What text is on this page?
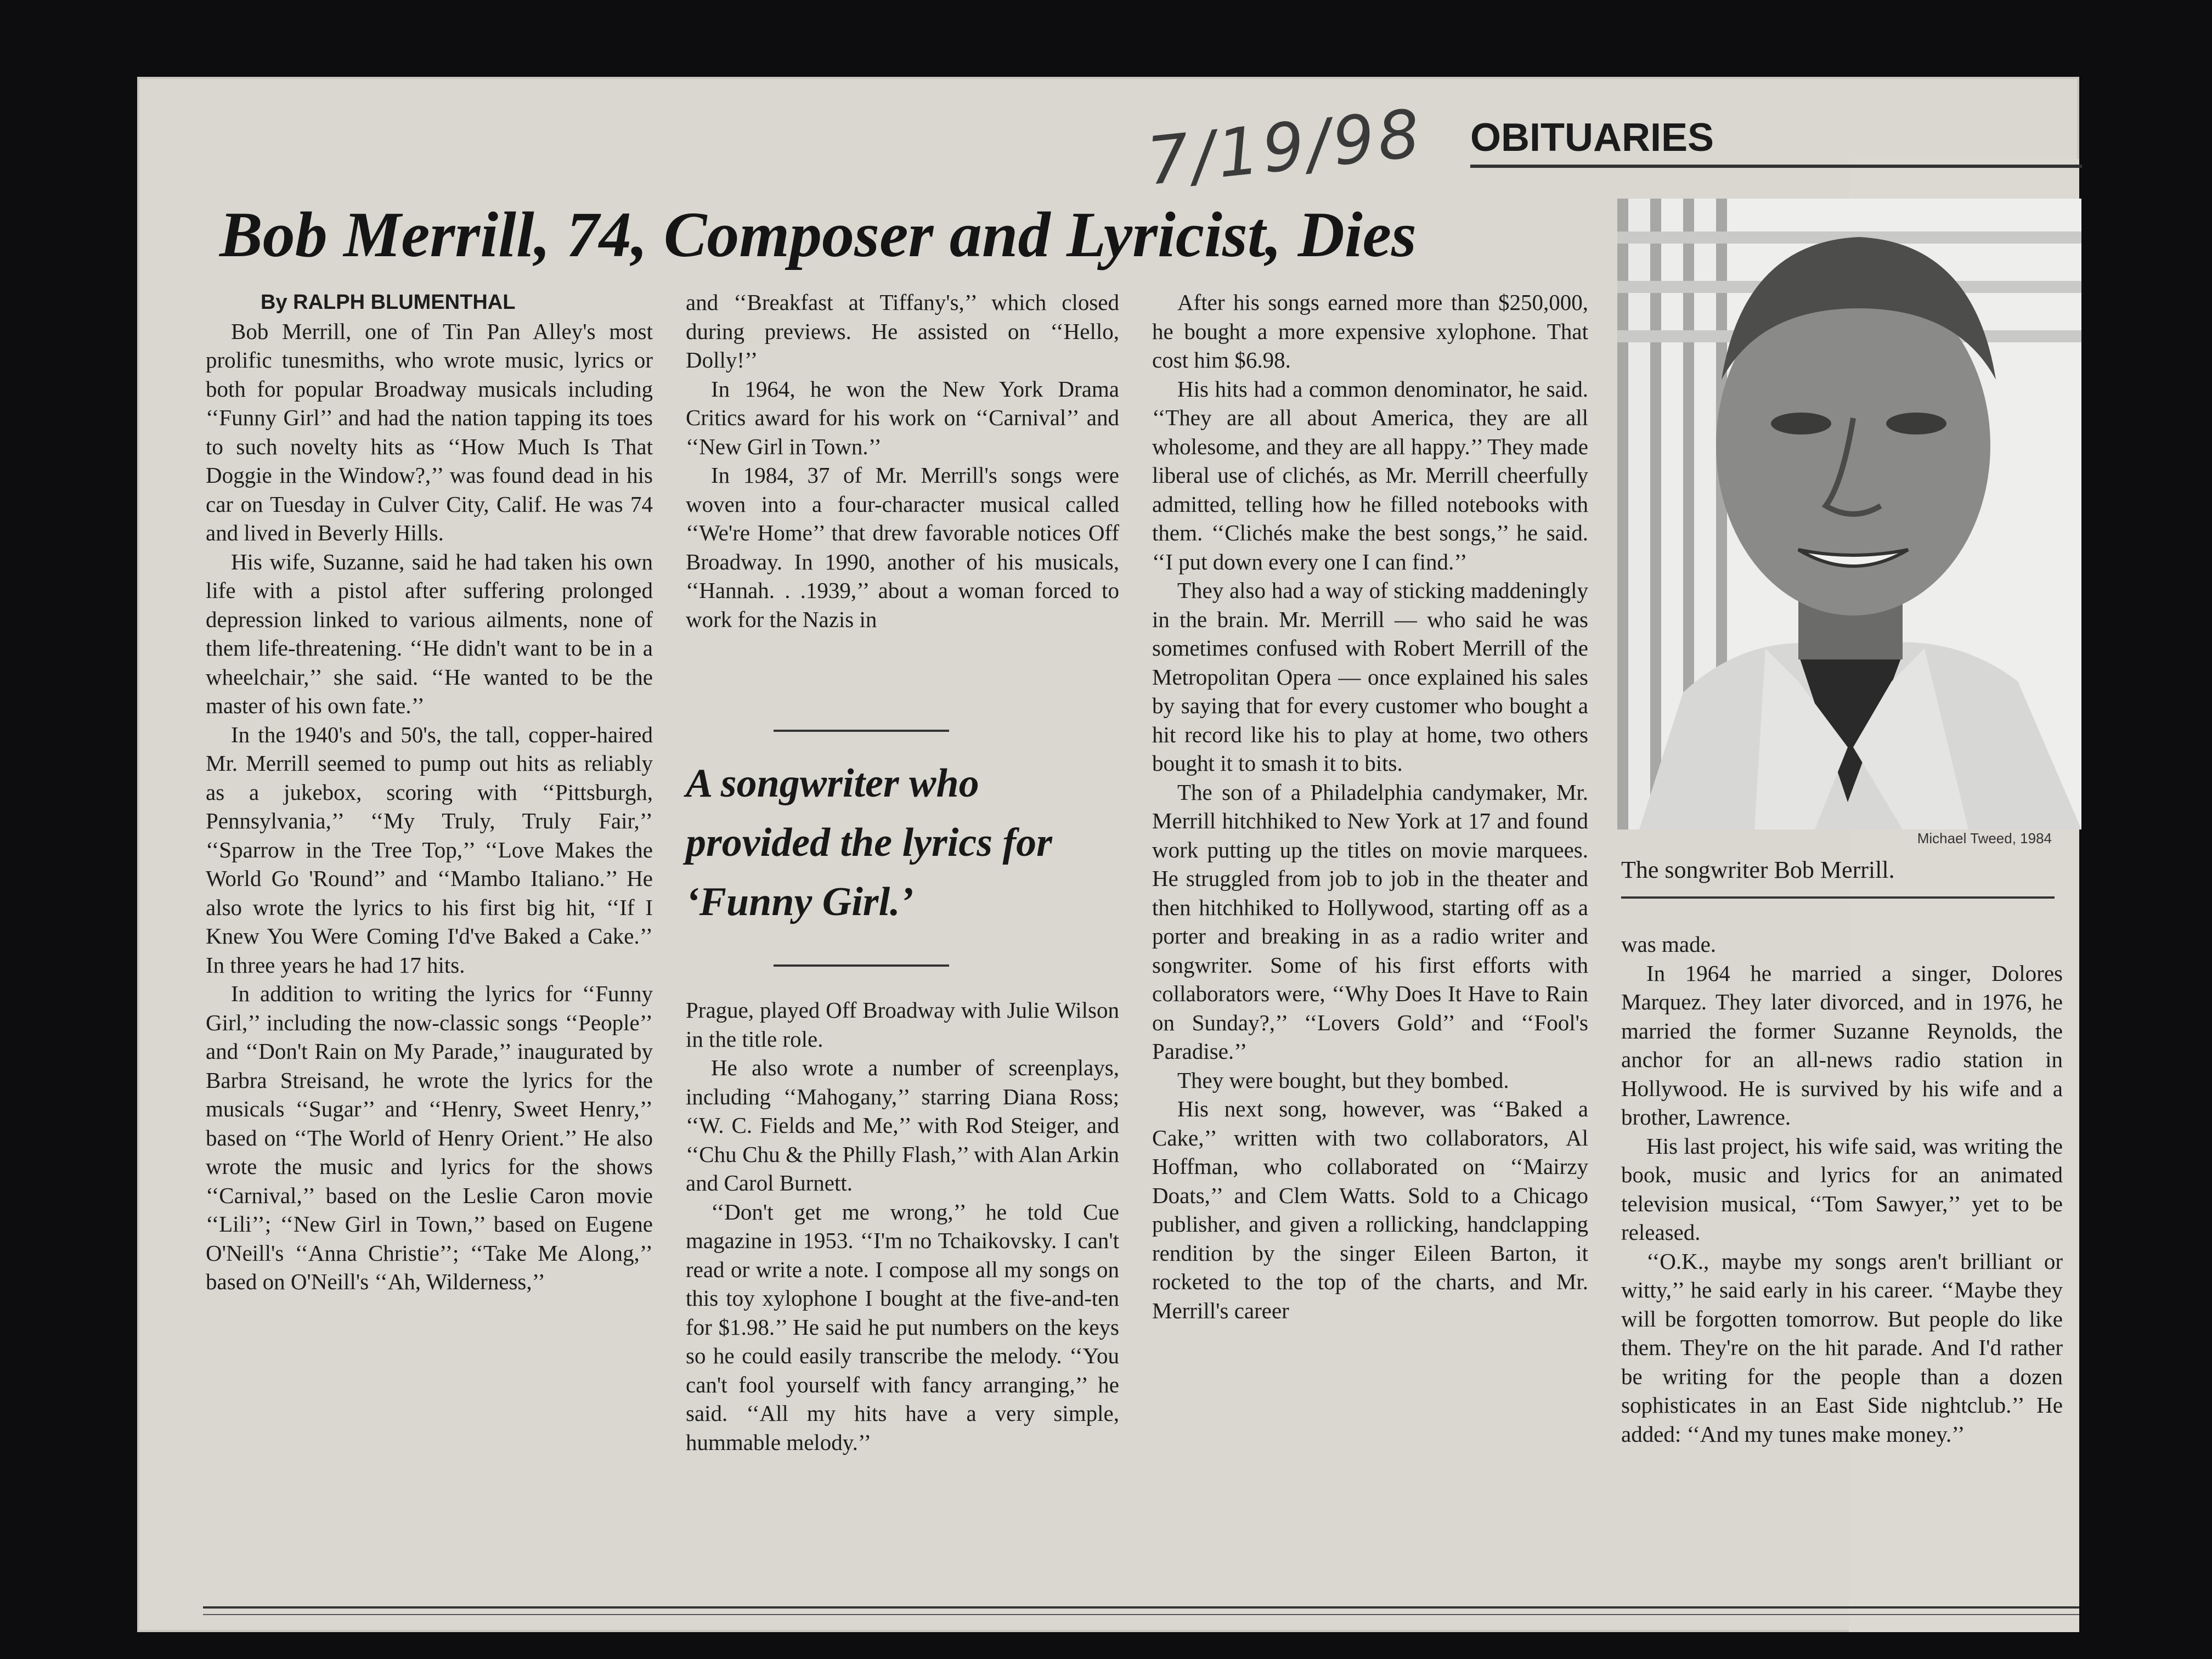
7/19/98 OBITUARIES
Bob Merrill, 74, Composer and Lyricist, Dies

By RALPH BLUMENTHAL

Bob Merrill, one of Tin Pan Alley's most prolific tunesmiths, who wrote music, lyrics or both for popular Broadway musicals including ‘‘Funny Girl’’ and had the nation tapping its toes to such novelty hits as ‘‘How Much Is That Doggie in the Window?,’’ was found dead in his car on Tuesday in Culver City, Calif. He was 74 and lived in Beverly Hills.

His wife, Suzanne, said he had taken his own life with a pistol after suffering prolonged depression linked to various ailments, none of them life-threatening. ‘‘He didn't want to be in a wheelchair,’’ she said. ‘‘He wanted to be the master of his own fate.’’

In the 1940's and 50's, the tall, copper-haired Mr. Merrill seemed to pump out hits as reliably as a jukebox, scoring with ‘‘Pittsburgh, Pennsylvania,’’ ‘‘My Truly, Truly Fair,’’ ‘‘Sparrow in the Tree Top,’’ ‘‘Love Makes the World Go 'Round’’ and ‘‘Mambo Italiano.’’ He also wrote the lyrics to his first big hit, ‘‘If I Knew You Were Coming I'd've Baked a Cake.’’ In three years he had 17 hits.

In addition to writing the lyrics for ‘‘Funny Girl,’’ including the now-classic songs ‘‘People’’ and ‘‘Don't Rain on My Parade,’’ inaugurated by Barbra Streisand, he wrote the lyrics for the musicals ‘‘Sugar’’ and ‘‘Henry, Sweet Henry,’’ based on ‘‘The World of Henry Orient.’’ He also wrote the music and lyrics for the shows ‘‘Carnival,’’ based on the Leslie Caron movie ‘‘Lili’’; ‘‘New Girl in Town,’’ based on Eugene O'Neill's ‘‘Anna Christie’’; ‘‘Take Me Along,’’ based on O'Neill's ‘‘Ah, Wilderness,’’

and ‘‘Breakfast at Tiffany's,’’ which closed during previews. He assisted on ‘‘Hello, Dolly!’’

In 1964, he won the New York Drama Critics award for his work on ‘‘Carnival’’ and ‘‘New Girl in Town.’’

In 1984, 37 of Mr. Merrill's songs were woven into a four-character musical called ‘‘We're Home’’ that drew favorable notices Off Broadway. In 1990, another of his musicals, ‘‘Hannah. . .1939,’’ about a woman forced to work for the Nazis in

A songwriter who provided the lyrics for ‘Funny Girl.’

Prague, played Off Broadway with Julie Wilson in the title role.

He also wrote a number of screenplays, including ‘‘Mahogany,’’ starring Diana Ross; ‘‘W. C. Fields and Me,’’ with Rod Steiger, and ‘‘Chu Chu & the Philly Flash,’’ with Alan Arkin and Carol Burnett.

‘‘Don't get me wrong,’’ he told Cue magazine in 1953. ‘‘I'm no Tchaikovsky. I can't read or write a note. I compose all my songs on this toy xylophone I bought at the five-and-ten for $1.98.’’ He said he put numbers on the keys so he could easily transcribe the melody. ‘‘You can't fool yourself with fancy arranging,’’ he said. ‘‘All my hits have a very simple, hummable melody.’’

After his songs earned more than $250,000, he bought a more expensive xylophone. That cost him $6.98.

His hits had a common denominator, he said. ‘‘They are all about America, they are all wholesome, and they are all happy.’’ They made liberal use of clichés, as Mr. Merrill cheerfully admitted, telling how he filled notebooks with them. ‘‘Clichés make the best songs,’’ he said. ‘‘I put down every one I can find.’’

They also had a way of sticking maddeningly in the brain. Mr. Merrill — who said he was sometimes confused with Robert Merrill of the Metropolitan Opera — once explained his sales by saying that for every customer who bought a hit record like his to play at home, two others bought it to smash it to bits.

The son of a Philadelphia candymaker, Mr. Merrill hitchhiked to New York at 17 and found work putting up the titles on movie marquees. He struggled from job to job in the theater and then hitchhiked to Hollywood, starting off as a porter and breaking in as a radio writer and songwriter. Some of his first efforts with collaborators were, ‘‘Why Does It Have to Rain on Sunday?,’’ ‘‘Lovers Gold’’ and ‘‘Fool's Paradise.’’

They were bought, but they bombed.

His next song, however, was ‘‘Baked a Cake,’’ written with two collaborators, Al Hoffman, who collaborated on ‘‘Mairzy Doats,’’ and Clem Watts. Sold to a Chicago publisher, and given a rollicking, handclapping rendition by the singer Eileen Barton, it rocketed to the top of the charts, and Mr. Merrill's career

Michael Tweed, 1984
The songwriter Bob Merrill.

was made.

In 1964 he married a singer, Dolores Marquez. They later divorced, and in 1976, he married the former Suzanne Reynolds, the anchor for an all-news radio station in Hollywood. He is survived by his wife and a brother, Lawrence.

His last project, his wife said, was writing the book, music and lyrics for an animated television musical, ‘‘Tom Sawyer,’’ yet to be released.

‘‘O.K., maybe my songs aren't brilliant or witty,’’ he said early in his career. ‘‘Maybe they will be forgotten tomorrow. But people do like them. They're on the hit parade. And I'd rather be writing for the people than a dozen sophisticates in an East Side nightclub.’’ He added: ‘‘And my tunes make money.’’
